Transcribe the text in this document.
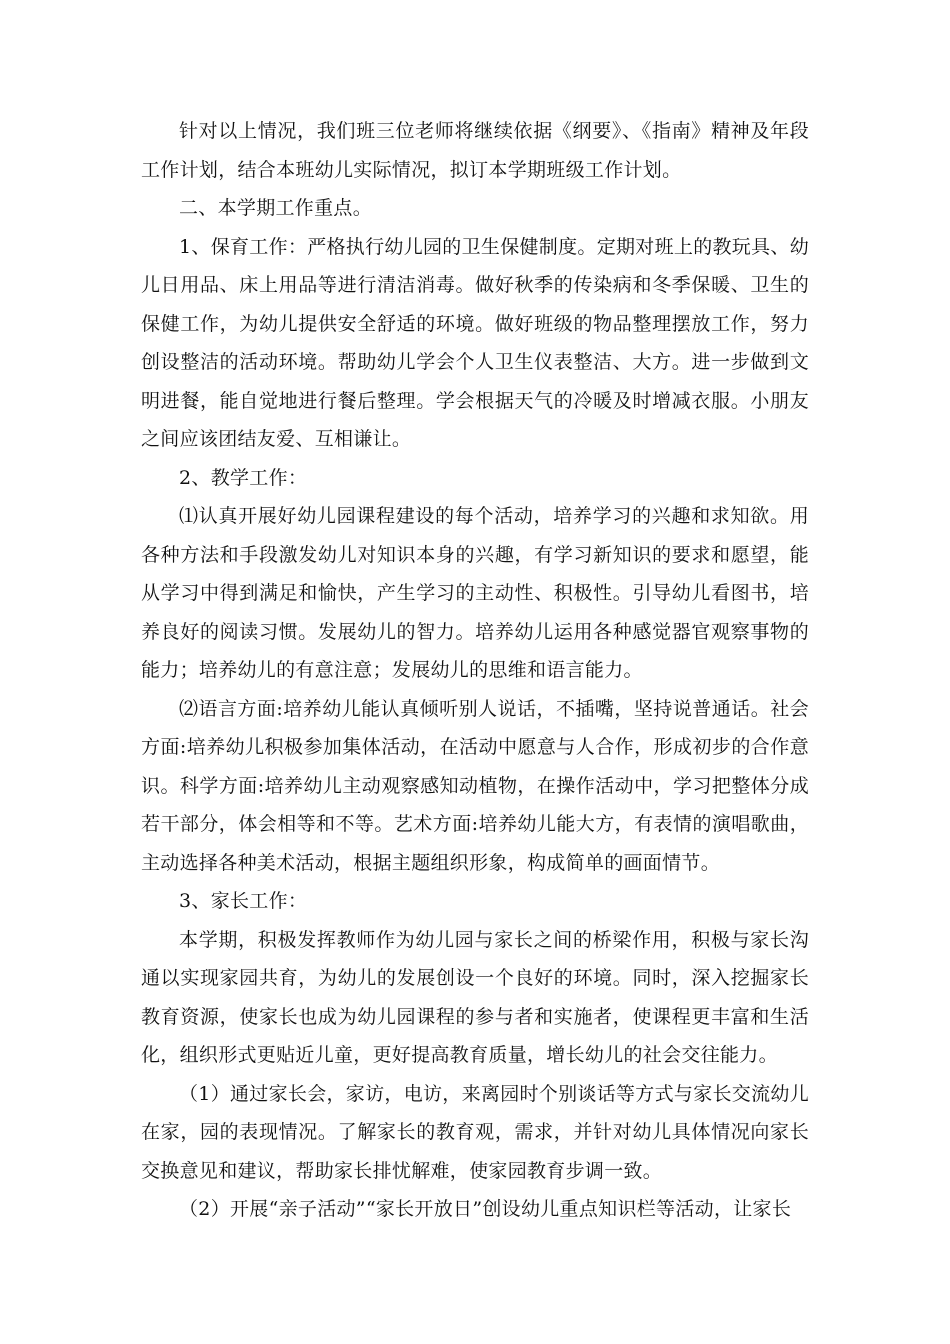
针对以上情况，我们班三位老师将继续依据《纲要》、《指南》精神及年段工作计划，结合本班幼儿实际情况，拟订本学期班级工作计划。

二、本学期工作重点。

1、保育工作：严格执行幼儿园的卫生保健制度。定期对班上的教玩具、幼儿日用品、床上用品等进行清洁消毒。做好秋季的传染病和冬季保暖、卫生的保健工作，为幼儿提供安全舒适的环境。做好班级的物品整理摆放工作，努力创设整洁的活动环境。帮助幼儿学会个人卫生仪表整洁、大方。进一步做到文明进餐，能自觉地进行餐后整理。学会根据天气的冷暖及时增减衣服。小朋友之间应该团结友爱、互相谦让。

2、教学工作：

⑴认真开展好幼儿园课程建设的每个活动，培养学习的兴趣和求知欲。用各种方法和手段激发幼儿对知识本身的兴趣，有学习新知识的要求和愿望，能从学习中得到满足和愉快，产生学习的主动性、积极性。引导幼儿看图书，培养良好的阅读习惯。发展幼儿的智力。培养幼儿运用各种感觉器官观察事物的能力；培养幼儿的有意注意；发展幼儿的思维和语言能力。

⑵语言方面:培养幼儿能认真倾听别人说话，不插嘴，坚持说普通话。社会方面:培养幼儿积极参加集体活动，在活动中愿意与人合作，形成初步的合作意识。科学方面:培养幼儿主动观察感知动植物，在操作活动中，学习把整体分成若干部分，体会相等和不等。艺术方面:培养幼儿能大方，有表情的演唱歌曲，主动选择各种美术活动，根据主题组织形象，构成简单的画面情节。

3、家长工作：

本学期，积极发挥教师作为幼儿园与家长之间的桥梁作用，积极与家长沟通以实现家园共育，为幼儿的发展创设一个良好的环境。同时，深入挖掘家长教育资源，使家长也成为幼儿园课程的参与者和实施者，使课程更丰富和生活化，组织形式更贴近儿童，更好提高教育质量，增长幼儿的社会交往能力。

（1）通过家长会，家访，电访，来离园时个别谈话等方式与家长交流幼儿在家，园的表现情况。了解家长的教育观，需求，并针对幼儿具体情况向家长交换意见和建议，帮助家长排忧解难，使家园教育步调一致。

（2）开展“亲子活动”“家长开放日”创设幼儿重点知识栏等活动，让家长
